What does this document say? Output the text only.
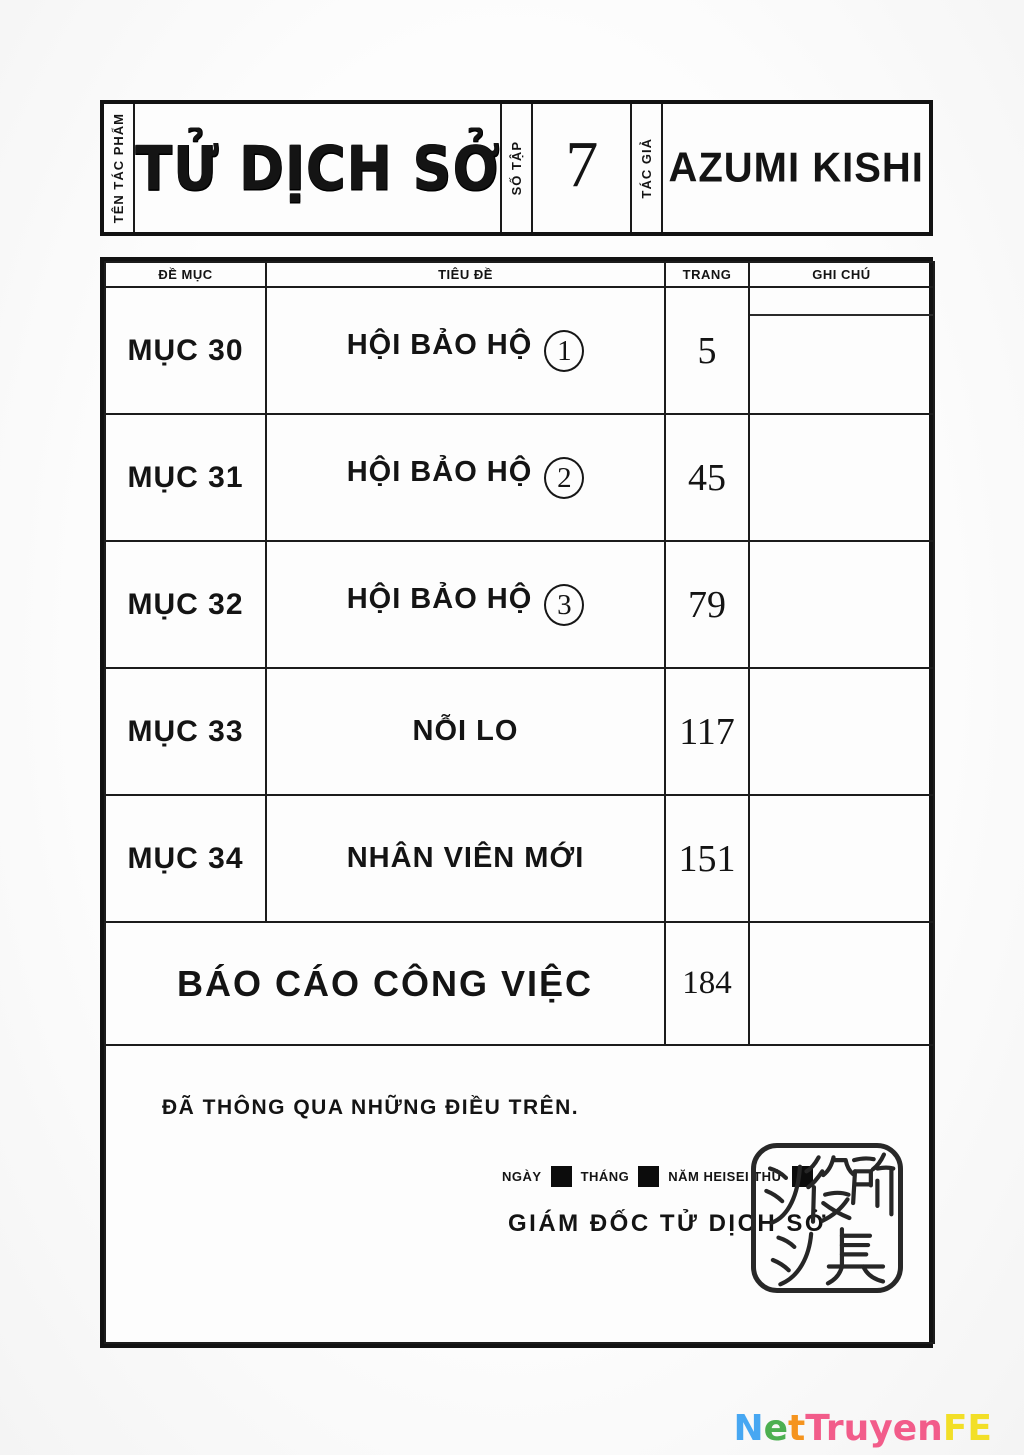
TÊN TÁC PHẨM TỬ DỊCH SỞ SỐ TẬP 7	TÁC GIẢ AZUMI KISHI
ĐỀ MỤC	TIÊU ĐỀ	TRANG	GHI CHÚ
MỤC 30	HỘI BẢO HỘ 1	5	

MỤC 31	HỘI BẢO HỘ 2	45	
MỤC 32	HỘI BẢO HỘ 3	79	
MỤC 33	NỖI LO	117	
MỤC 34	NHÂN VIÊN MỚI	151	
BÁO CÁO CÔNG VIỆC		184	

ĐÃ THÔNG QUA NHỮNG ĐIỀU TRÊN.
NGÀY THÁNG NĂM HEISEI THỨ
GIÁM ĐỐC TỬ DỊCH SỞ			
NetTruyenFE
